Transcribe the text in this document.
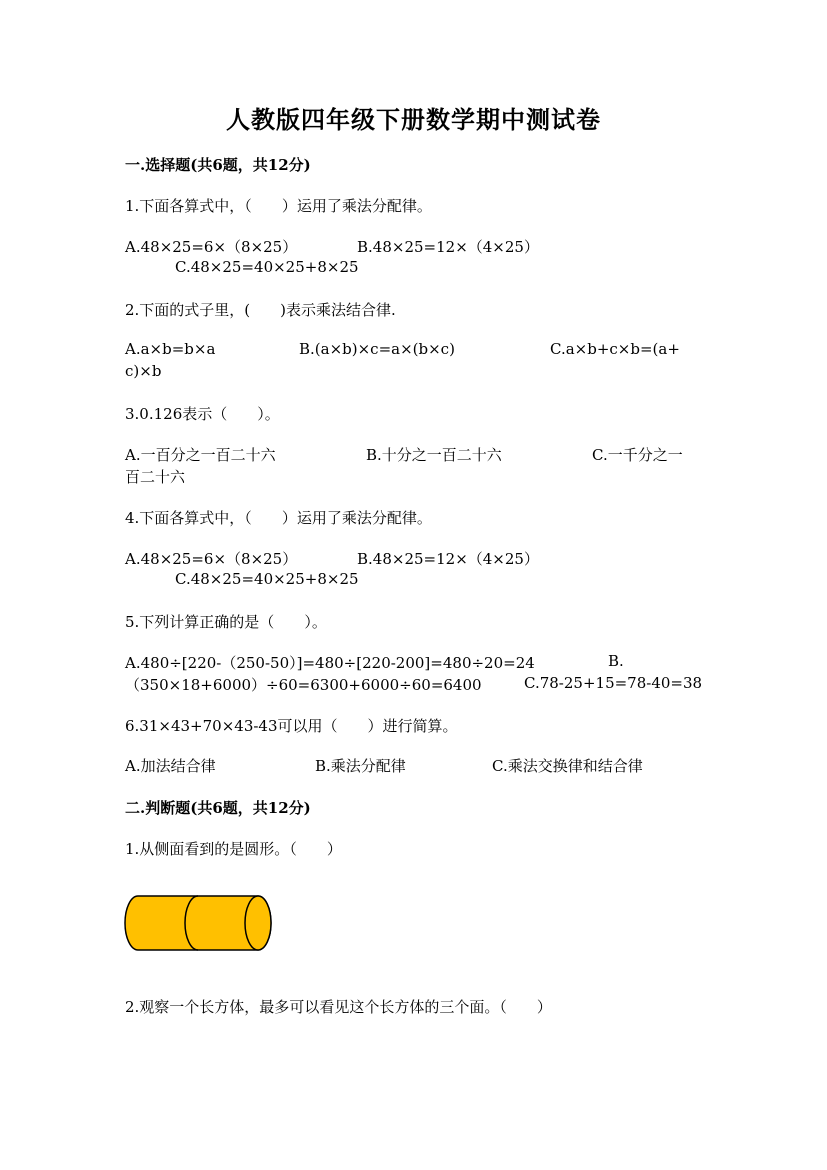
人教版四年级下册数学期中测试卷
一.选择题(共6题，共12分)
1.下面各算式中，（　　）运用了乘法分配律。
A.48×25=6×（8×25）	B.48×25=12×（4×25）
C.48×25=40×25+8×25
2.下面的式子里，(　　)表示乘法结合律.
A.a×b=b×a	B.(a×b)×c=a×(b×c)	C.a×b+c×b=(a+
c)×b
3.0.126表示（　　）。
A.一百分之一百二十六	B.十分之一百二十六	C.一千分之一
百二十六
4.下面各算式中，（　　）运用了乘法分配律。
A.48×25=6×（8×25）	B.48×25=12×（4×25）
C.48×25=40×25+8×25
5.下列计算正确的是（　　）。
A.480÷[220-（250-50）]=480÷[220-200]=480÷20=24	B.
（350×18+6000）÷60=6300+6000÷60=6400	C.78-25+15=78-40=38
6.31×43+70×43-43可以用（　　）进行简算。
A.加法结合律	B.乘法分配律	C.乘法交换律和结合律
二.判断题(共6题，共12分)
1.从侧面看到的是圆形。（　　）
2.观察一个长方体，最多可以看见这个长方体的三个面。（　　）
